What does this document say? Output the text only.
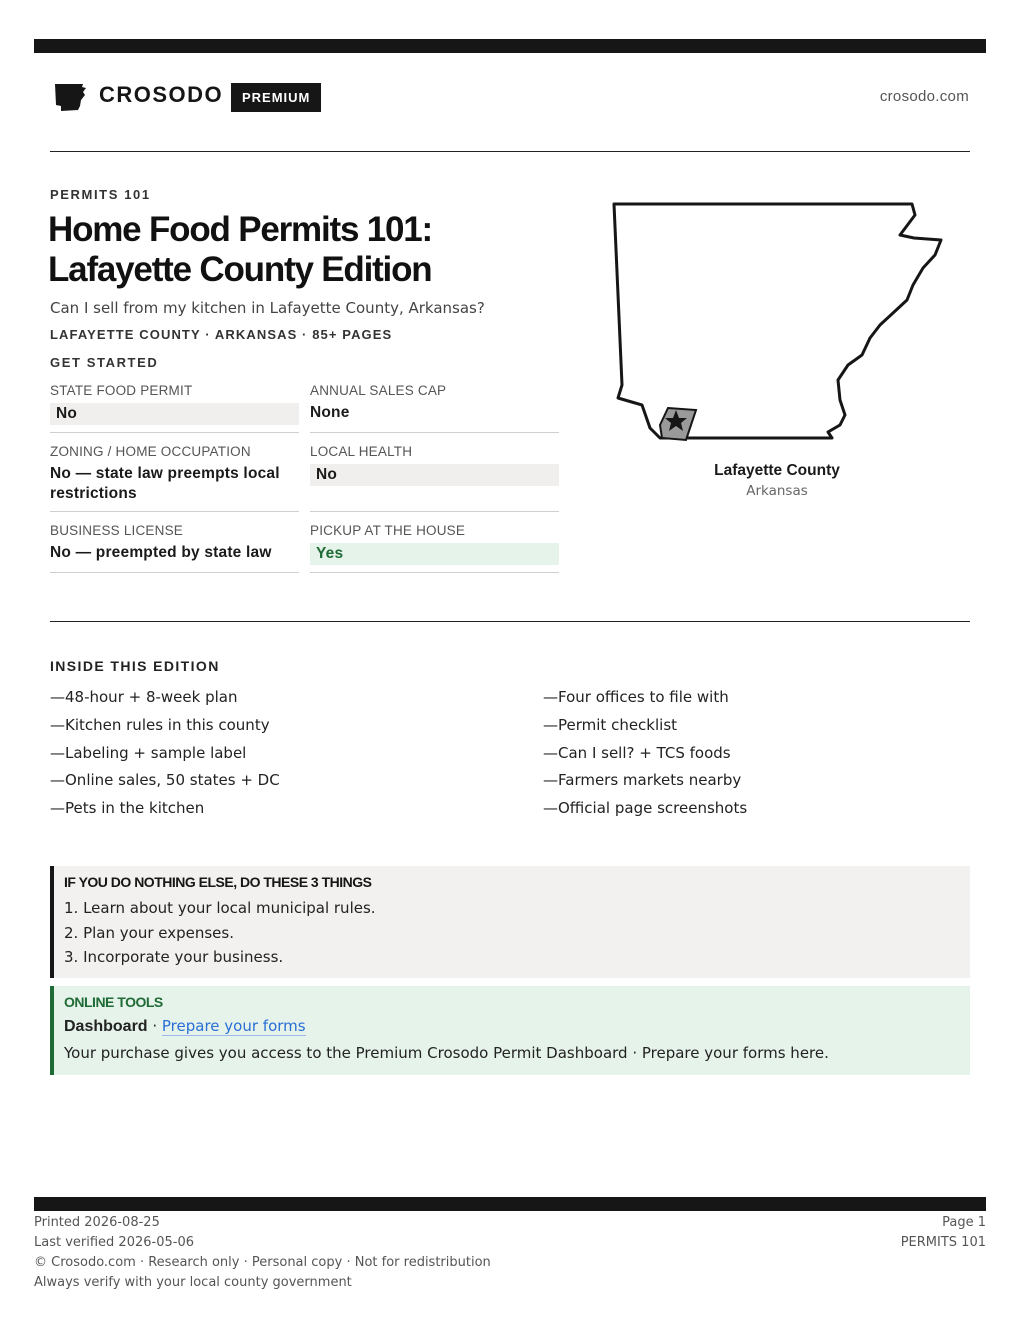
CROSODO	PREMIUM	crosodo.com
PERMITS 101
Home Food Permits 101:
Lafayette County Edition
Can I sell from my kitchen in Lafayette County, Arkansas?
LAFAYETTE COUNTY · ARKANSAS · 85+ PAGES
GET STARTED
STATE FOOD PERMIT
No
ANNUAL SALES CAP
None
ZONING / HOME OCCUPATION
No — state law preempts local restrictions
LOCAL HEALTH
No
BUSINESS LICENSE
No — preempted by state law
PICKUP AT THE HOUSE
Yes
Lafayette County
Arkansas
INSIDE THIS EDITION
—48-hour + 8-week plan
—Kitchen rules in this county
—Labeling + sample label
—Online sales, 50 states + DC
—Pets in the kitchen
—Four offices to file with
—Permit checklist
—Can I sell? + TCS foods
—Farmers markets nearby
—Official page screenshots
IF YOU DO NOTHING ELSE, DO THESE 3 THINGS
1. Learn about your local municipal rules.
2. Plan your expenses.
3. Incorporate your business.
ONLINE TOOLS
Dashboard · Prepare your forms
Your purchase gives you access to the Premium Crosodo Permit Dashboard · Prepare your forms here.
Printed 2026-08-25
Last verified 2026-05-06
© Crosodo.com · Research only · Personal copy · Not for redistribution
Always verify with your local county government
Page 1
PERMITS 101
